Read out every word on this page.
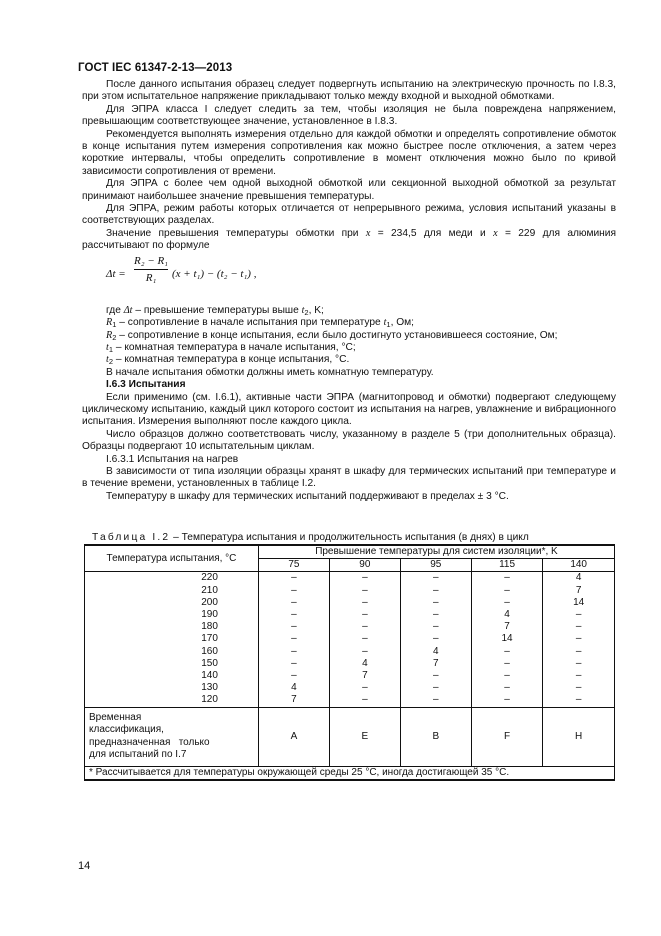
ГОСТ IEC 61347-2-13—2013

После данного испытания образец следует подвергнуть испытанию на электрическую прочность по I.8.3, при этом испытательное напряжение прикладывают только между входной и выходной обмотками.

Для ЭПРА класса I следует следить за тем, чтобы изоляция не была повреждена напряжением, превышающим соответствующее значение, установленное в I.8.3.

Рекомендуется выполнять измерения отдельно для каждой обмотки и определять сопротивление обмоток в конце испытания путем измерения сопротивления как можно быстрее после отключения, а затем через короткие интервалы, чтобы определить сопротивление в момент отключения можно было по кривой зависимости сопротивления от времени.

Для ЭПРА с более чем одной выходной обмоткой или секционной выходной обмоткой за результат принимают наибольшее значение превышения температуры.

Для ЭПРА, режим работы которых отличается от непрерывного режима, условия испытаний указаны в соответствующих разделах.

Значение превышения температуры обмотки при x = 234,5 для меди и x = 229 для алюминия рассчитывают по формуле

Δt =
R₂ − R₁
R₁	(x + t₁) − (t₂ − t₁) ,

где Δt – превышение температуры выше $t_2$, K;

$R_1$ – сопротивление в начале испытания при температуре $t_1$, Ом;

$R_2$ – сопротивление в конце испытания, если было достигнуто установившееся состояние, Ом;

$t_1$ – комнатная температура в начале испытания, °C;

$t_2$ – комнатная температура в конце испытания, °C.

В начале испытания обмотки должны иметь комнатную температуру.

I.6.3 Испытания

Если применимо (см. I.6.1), активные части ЭПРА (магнитопровод и обмотки) подвергают следующему циклическому испытанию, каждый цикл которого состоит из испытания на нагрев, увлажнение и вибрационного испытания. Измерения выполняют после каждого цикла.

Число образцов должно соответствовать числу, указанному в разделе 5 (три дополнительных образца). Образцы подвергают 10 испытательным циклам.

I.6.3.1 Испытания на нагрев

В зависимости от типа изоляции образцы хранят в шкафу для термических испытаний при температуре и в течение времени, установленных в таблице I.2.

Температуру в шкафу для термических испытаний поддерживают в пределах ± 3 °C.

Таблица I.2 – Температура испытания и продолжительность испытания (в днях) в цикл
Температура испытания, °C	Превышение температуры для систем изоляции*, K				
	75	90	95	115	140
220	–	–	–	–	4
210	–	–	–	–	7
200	–	–	–	–	14
190	–	–	–	4	–
180	–	–	–	7	–
170	–	–	–	14	–
160	–	–	4	–	–
150	–	4	7	–	–
140	–	7	–	–	–
130	4	–	–	–	–
120	7	–	–	–	–

Временная
классификация,
предназначенная   только
для испытаний по I.7	A	E	B	F	H
* Рассчитывается для температуры окружающей среды 25 °C, иногда достигающей 35 °C.					
14
